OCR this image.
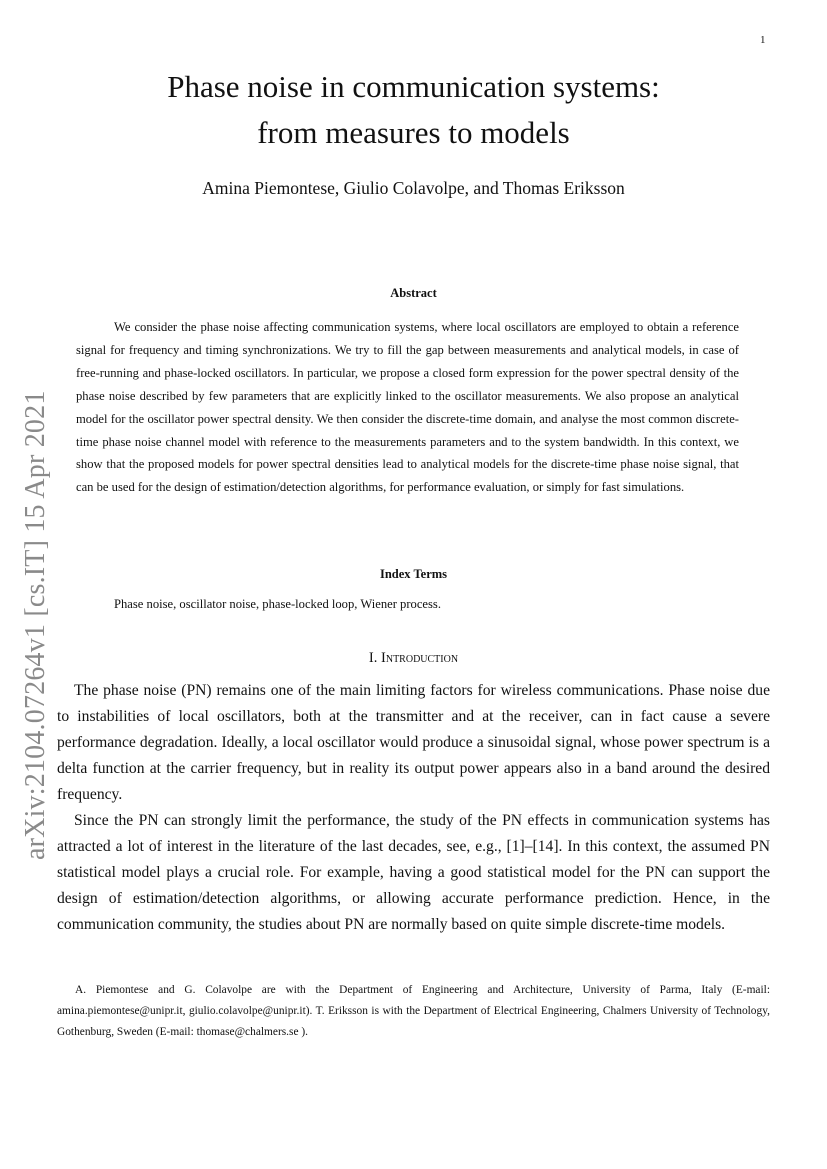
1
arXiv:2104.07264v1 [cs.IT] 15 Apr 2021
Phase noise in communication systems:
from measures to models

Amina Piemontese, Giulio Colavolpe, and Thomas Eriksson

Abstract

We consider the phase noise affecting communication systems, where local oscillators are employed to obtain a reference signal for frequency and timing synchronizations. We try to fill the gap between measurements and analytical models, in case of free-running and phase-locked oscillators. In particular, we propose a closed form expression for the power spectral density of the phase noise described by few parameters that are explicitly linked to the oscillator measurements. We also propose an analytical model for the oscillator power spectral density. We then consider the discrete-time domain, and analyse the most common discrete-time phase noise channel model with reference to the measurements parameters and to the system bandwidth. In this context, we show that the proposed models for power spectral densities lead to analytical models for the discrete-time phase noise signal, that can be used for the design of estimation/detection algorithms, for performance evaluation, or simply for fast simulations.

Index Terms

Phase noise, oscillator noise, phase-locked loop, Wiener process.

I. Introduction

The phase noise (PN) remains one of the main limiting factors for wireless communications. Phase noise due to instabilities of local oscillators, both at the transmitter and at the receiver, can in fact cause a severe performance degradation. Ideally, a local oscillator would produce a sinusoidal signal, whose power spectrum is a delta function at the carrier frequency, but in reality its output power appears also in a band around the desired frequency.

Since the PN can strongly limit the performance, the study of the PN effects in communication systems has attracted a lot of interest in the literature of the last decades, see, e.g., [1]–[14]. In this context, the assumed PN statistical model plays a crucial role. For example, having a good statistical model for the PN can support the design of estimation/detection algorithms, or allowing accurate performance prediction. Hence, in the communication community, the studies about PN are normally based on quite simple discrete-time models.

A. Piemontese and G. Colavolpe are with the Department of Engineering and Architecture, University of Parma, Italy (E-mail: amina.piemontese@unipr.it, giulio.colavolpe@unipr.it). T. Eriksson is with the Department of Electrical Engineering, Chalmers University of Technology, Gothenburg, Sweden (E-mail: thomase@chalmers.se ).
